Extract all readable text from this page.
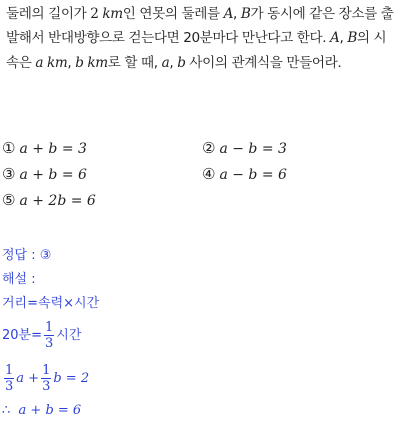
둘레의 길이가 2 km인 연못의 둘레를 A, B가 동시에 같은 장소를 출발해서 반대방향으로 걷는다면 20분마다 만난다고 한다. A, B의 시속은 a km, b km로 할 때, a, b 사이의 관계식을 만들어라.
① a + b = 3	② a − b = 3
③ a + b = 6	④ a − b = 6
⑤ a + 2b = 6
정답 : ③
해설 :
거리=속력×시간
20분= $\frac{1}{3}$ 시간
$\frac{1}{3}$ $a + \frac{1}{3}$ b = 2
∴ a + b = 6
